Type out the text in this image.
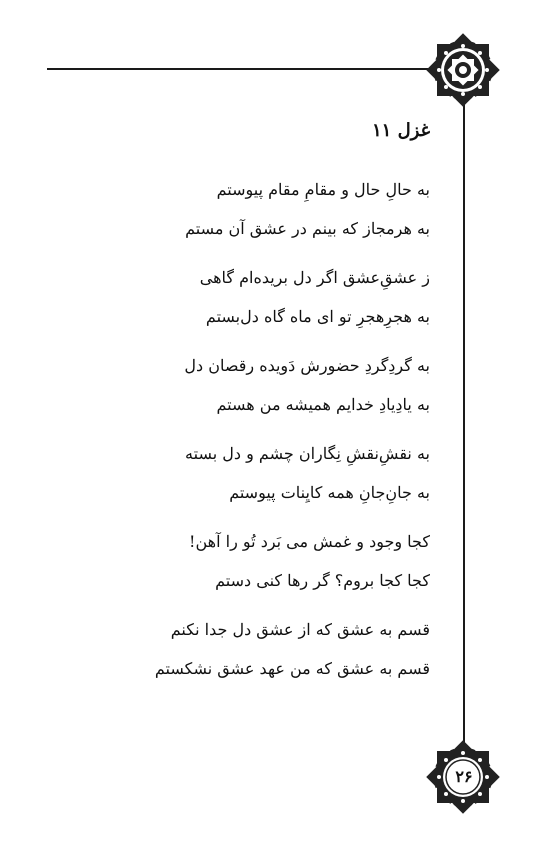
۲۶
غزل ۱۱
به حالِ حال و مقامِ مقام پیوستم
به هرمجاز که بینم در عشق آن مستم
ز عشقِ‌عشق اگر دل بریده‌ام گاهی
به هجرِهجرِ تو ای ماه گاه دل‌بستم
به گردِگردِ حضورش دَویده رقصان دل
به یادِیادِ خدایم همیشه من هستم
به نقشِ‌نقشِ نِگاران چشم و دل بسته
به جانِ‌جانِ همه کایِنات پیوستم
کجا وجود و غمش می بَرد تُو را آهن!
کجا کجا بروم؟ گر رها کنی دستم
قسم به عشق که از عشق دل جدا نکنم
قسم به عشق که من عهد عشق نشکستم
